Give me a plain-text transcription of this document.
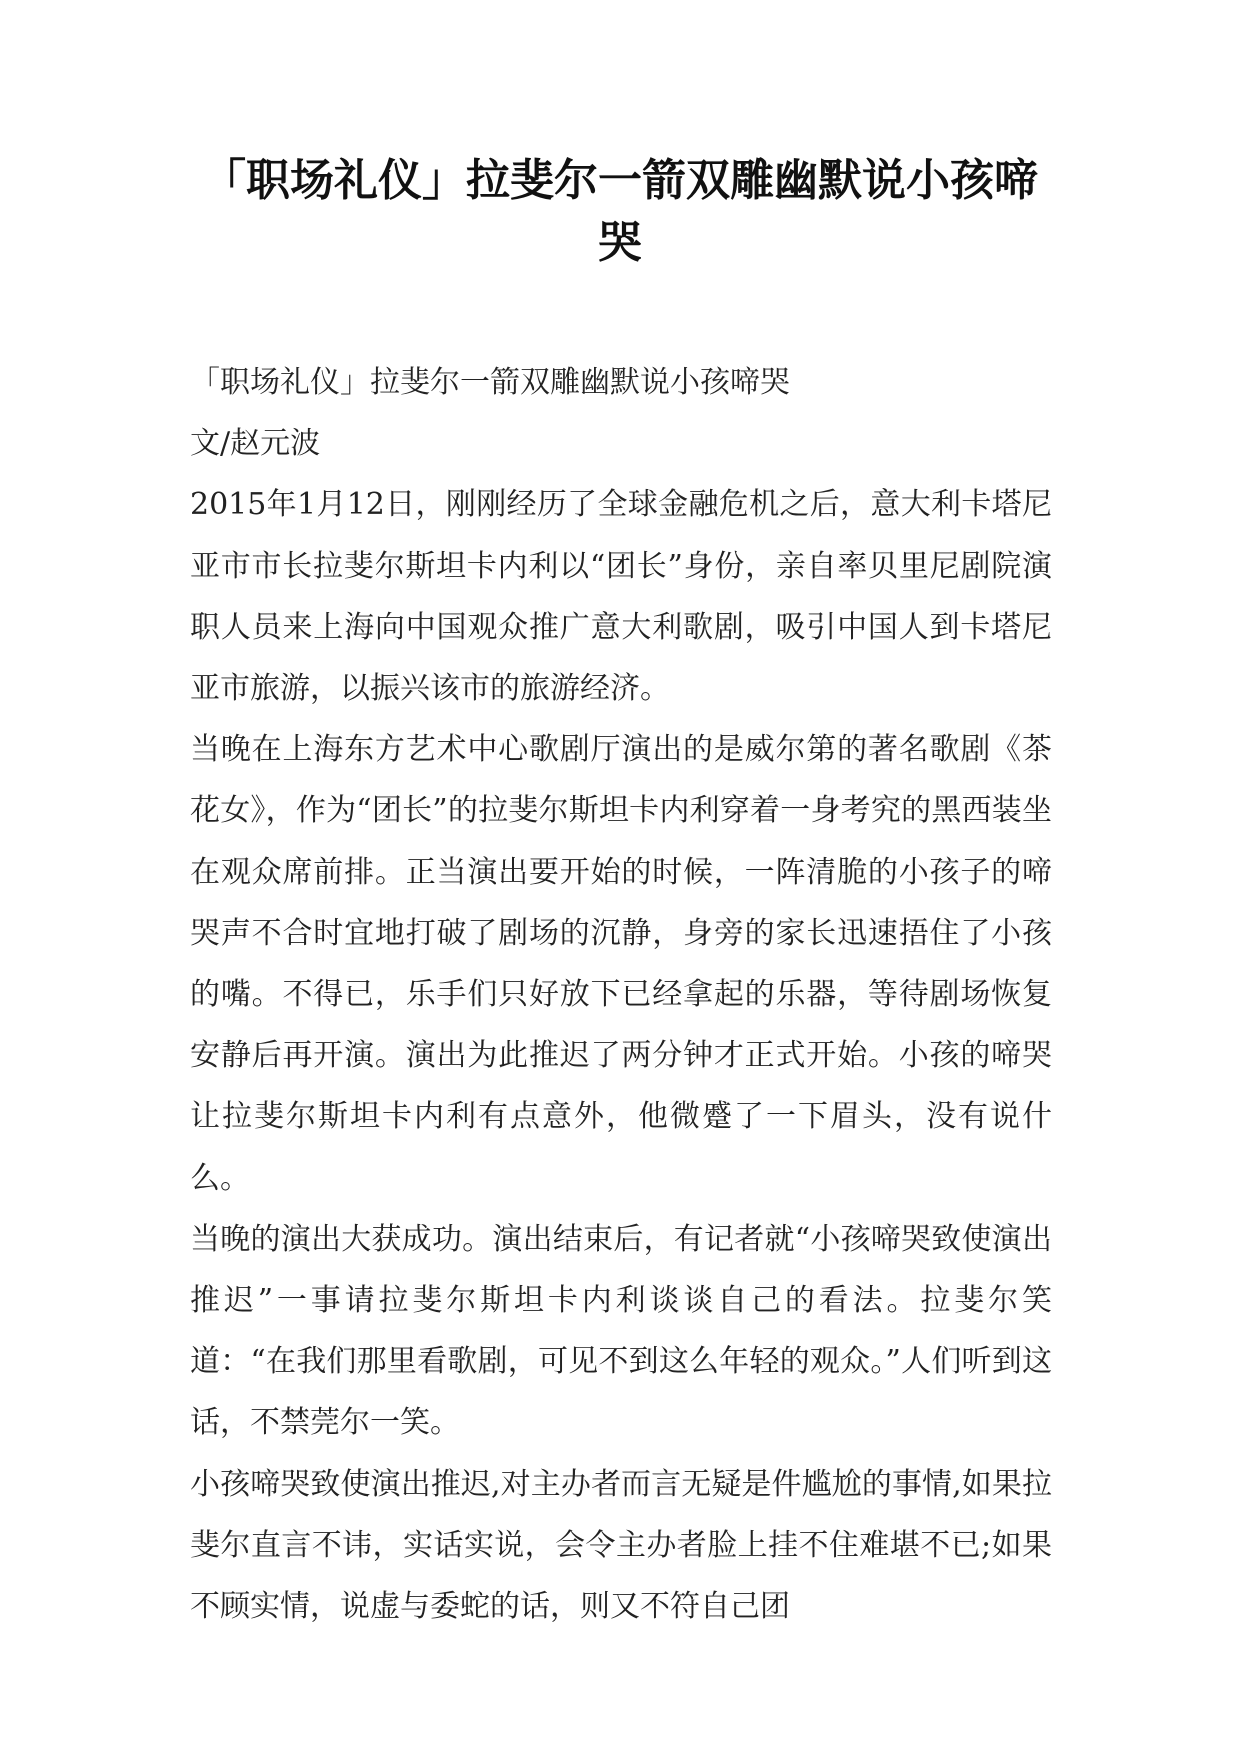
「职场礼仪」拉斐尔一箭双雕幽默说小孩啼哭

「职场礼仪」拉斐尔一箭双雕幽默说小孩啼哭

文/赵元波

2015年1月12日，刚刚经历了全球金融危机之后，意大利卡塔尼亚市市长拉斐尔斯坦卡内利以“团长”身份，亲自率贝里尼剧院演职人员来上海向中国观众推广意大利歌剧，吸引中国人到卡塔尼亚市旅游，以振兴该市的旅游经济。

当晚在上海东方艺术中心歌剧厅演出的是威尔第的著名歌剧《茶花女》，作为“团长”的拉斐尔斯坦卡内利穿着一身考究的黑西装坐在观众席前排。正当演出要开始的时候，一阵清脆的小孩子的啼哭声不合时宜地打破了剧场的沉静，身旁的家长迅速捂住了小孩的嘴。不得已，乐手们只好放下已经拿起的乐器，等待剧场恢复安静后再开演。演出为此推迟了两分钟才正式开始。小孩的啼哭让拉斐尔斯坦卡内利有点意外，他微蹙了一下眉头，没有说什么。

当晚的演出大获成功。演出结束后，有记者就“小孩啼哭致使演出推迟”一事请拉斐尔斯坦卡内利谈谈自己的看法。拉斐尔笑道：“在我们那里看歌剧，可见不到这么年轻的观众。”人们听到这话，不禁莞尔一笑。

小孩啼哭致使演出推迟,对主办者而言无疑是件尴尬的事情,如果拉斐尔直言不讳，实话实说，会令主办者脸上挂不住难堪不已;如果不顾实情，说虚与委蛇的话，则又不符自己团
